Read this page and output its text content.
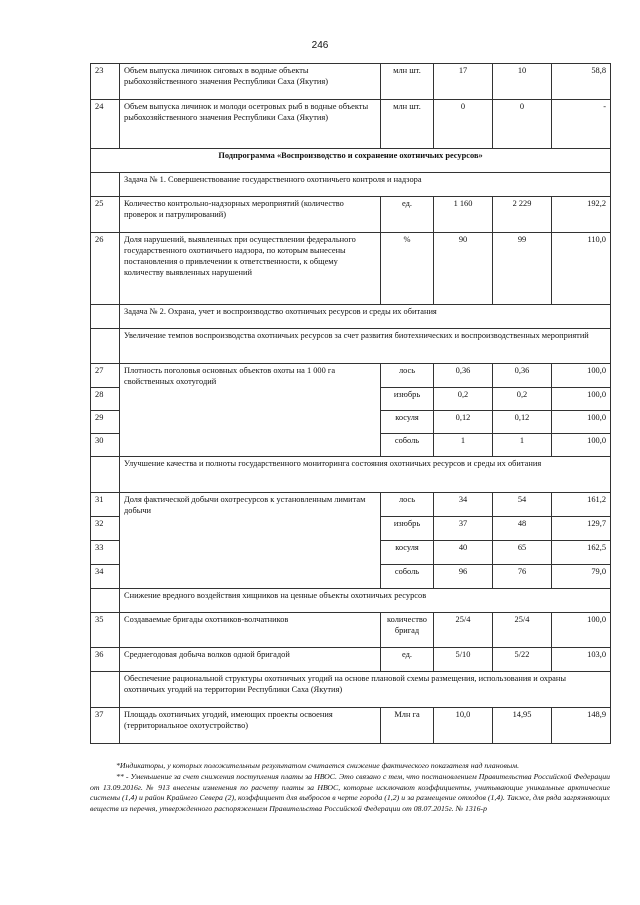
246
23	Объем выпуска личинок сиговых в водные объекты рыбохозяйственного значения Республики Саха (Якутия)	млн шт.	17	10	58,8
24	Объем выпуска личинок и молоди осетровых рыб в водные объекты рыбохозяйственного значения Республики Саха (Якутия)	млн шт.	0	0	-
Подпрограмма «Воспроизводство и сохранение охотничьих ресурсов»					
	Задача № 1. Совершенствование государственного охотничьего контроля и надзора				
25	Количество контрольно-надзорных мероприятий (количество проверок и патрулирований)	ед.	1 160	2 229	192,2
26	Доля нарушений, выявленных при осуществлении федерального государственного охотничьего надзора, по которым вынесены постановления о привлечении к ответственности, к общему количеству выявленных нарушений	%	90	99	110,0
	Задача № 2. Охрана, учет и воспроизводство охотничьих ресурсов и среды их обитания				
	Увеличение темпов воспроизводства охотничьих ресурсов за счет развития биотехнических и воспроизводственных мероприятий				
27	Плотность поголовья основных объектов охоты на 1 000 га свойственных охотугодий	лось	0,36	0,36	100,0
28		изюбрь	0,2	0,2	100,0
29		косуля	0,12	0,12	100,0
30		соболь	1	1	100,0
	Улучшение качества и полноты государственного мониторинга состояния охотничьих ресурсов и среды их обитания				
31	Доля фактической добычи охотресурсов к установленным лимитам добычи	лось	34	54	161,2
32		изюбрь	37	48	129,7
33		косуля	40	65	162,5
34		соболь	96	76	79,0
	Снижение вредного воздействия хищников на ценные объекты охотничьих ресурсов				
35	Создаваемые бригады охотников-волчатников	количество бригад	25/4	25/4	100,0
36	Среднегодовая добыча волков одной бригадой	ед.	5/10	5/22	103,0
	Обеспечение рациональной структуры охотничьих угодий на основе плановой схемы размещения, использования и охраны охотничьих угодий на территории Республики Саха (Якутия)				
37	Площадь охотничьих угодий, имеющих проекты освоения (территориальное охотустройство)	Млн га	10,0	14,95	148,9

*Индикаторы, у которых положительным результатом считается снижение фактического показателя над плановым.

** - Уменьшение за счет снижения поступления платы за НВОС. Это связано с тем, что постановлением Правительства Российской Федерации от 13.09.2016г. № 913 внесены изменения по расчету платы за НВОС, которые исключают коэффициенты, учитывающие уникальные арктические системы (1,4) и район Крайнего Севера (2), коэффициент для выбросов в черте города (1,2) и за размещение отходов (1,4). Также, для ряда загрязняющих веществ из перечня, утвержденного распоряжением Правительства Российской Федерации от 08.07.2015г. № 1316-р
